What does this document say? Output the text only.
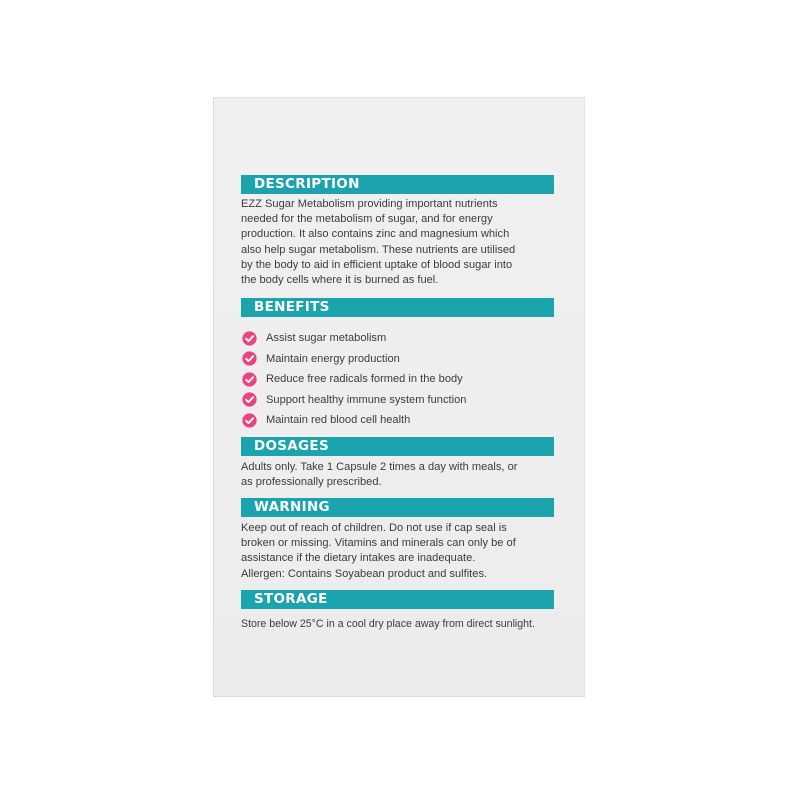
DESCRIPTION

EZZ Sugar Metabolism providing important nutrients
needed for the metabolism of sugar, and for energy
production. It also contains zinc and magnesium which
also help sugar metabolism. These nutrients are utilised
by the body to aid in efficient uptake of blood sugar into
the body cells where it is burned as fuel.

BENEFITS
Assist sugar metabolism
Maintain energy production
Reduce free radicals formed in the body
Support healthy immune system function
Maintain red blood cell health
DOSAGES

Adults only. Take 1 Capsule 2 times a day with meals, or
as professionally prescribed.

WARNING

Keep out of reach of children. Do not use if cap seal is
broken or missing. Vitamins and minerals can only be of
assistance if the dietary intakes are inadequate.
Allergen: Contains Soyabean product and sulfites.

STORAGE

Store below 25°C in a cool dry place away from direct sunlight.
